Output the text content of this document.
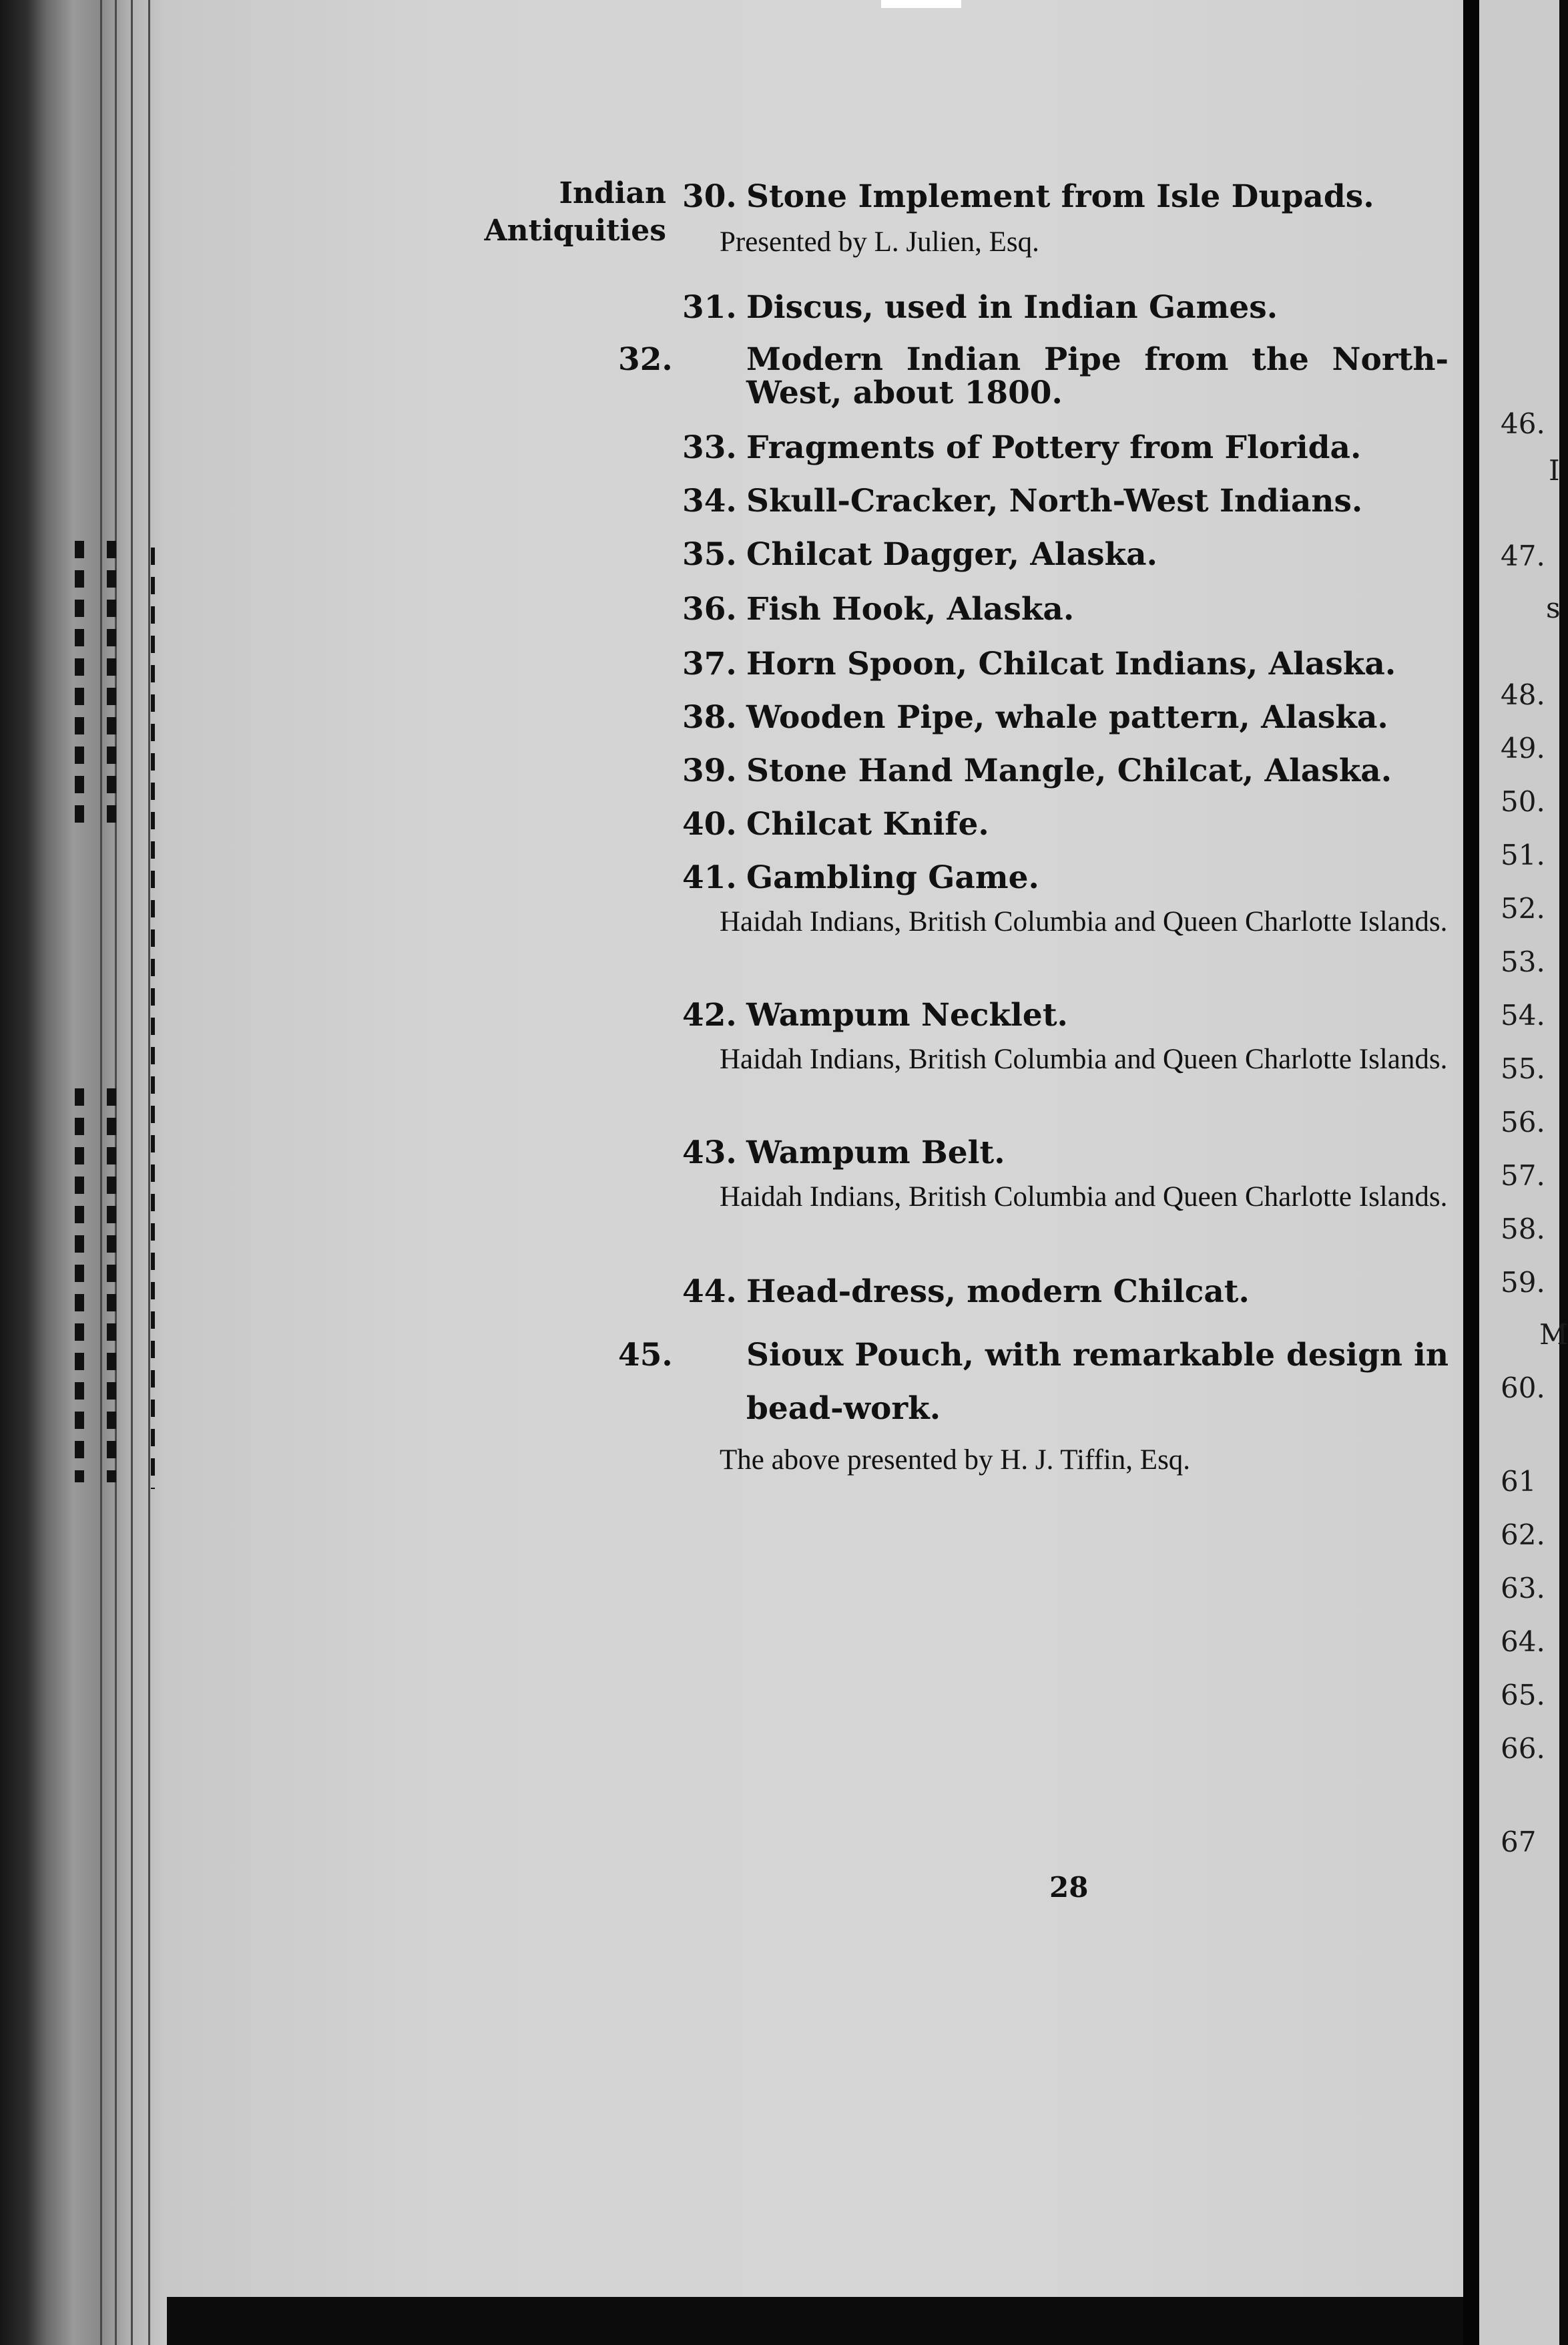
Indian
Antiquities
30. Stone Implement from Isle Dupads.
Presented by L. Julien, Esq.
31. Discus, used in Indian Games.
32. Modern Indian Pipe from the North-West, about 1800.
33. Fragments of Pottery from Florida.
34. Skull-Cracker, North-West Indians.
35. Chilcat Dagger, Alaska.
36. Fish Hook, Alaska.
37. Horn Spoon, Chilcat Indians, Alaska.
38. Wooden Pipe, whale pattern, Alaska.
39. Stone Hand Mangle, Chilcat, Alaska.
40. Chilcat Knife.
41. Gambling Game.
Haidah Indians, British Columbia and Queen Charlotte Islands.
42. Wampum Necklet.
Haidah Indians, British Columbia and Queen Charlotte Islands.
43. Wampum Belt.
Haidah Indians, British Columbia and Queen Charlotte Islands.
44. Head-dress, modern Chilcat.
45. Sioux Pouch, with remarkable design in bead-work.
The above presented by H. J. Tiffin, Esq.
28
46.
I
47.
s
48.
49.
50.
51.
52.
53.
54.
55.
56.
57.
58.
59.
M
60.
61
62.
63.
64.
65.
66.
67
